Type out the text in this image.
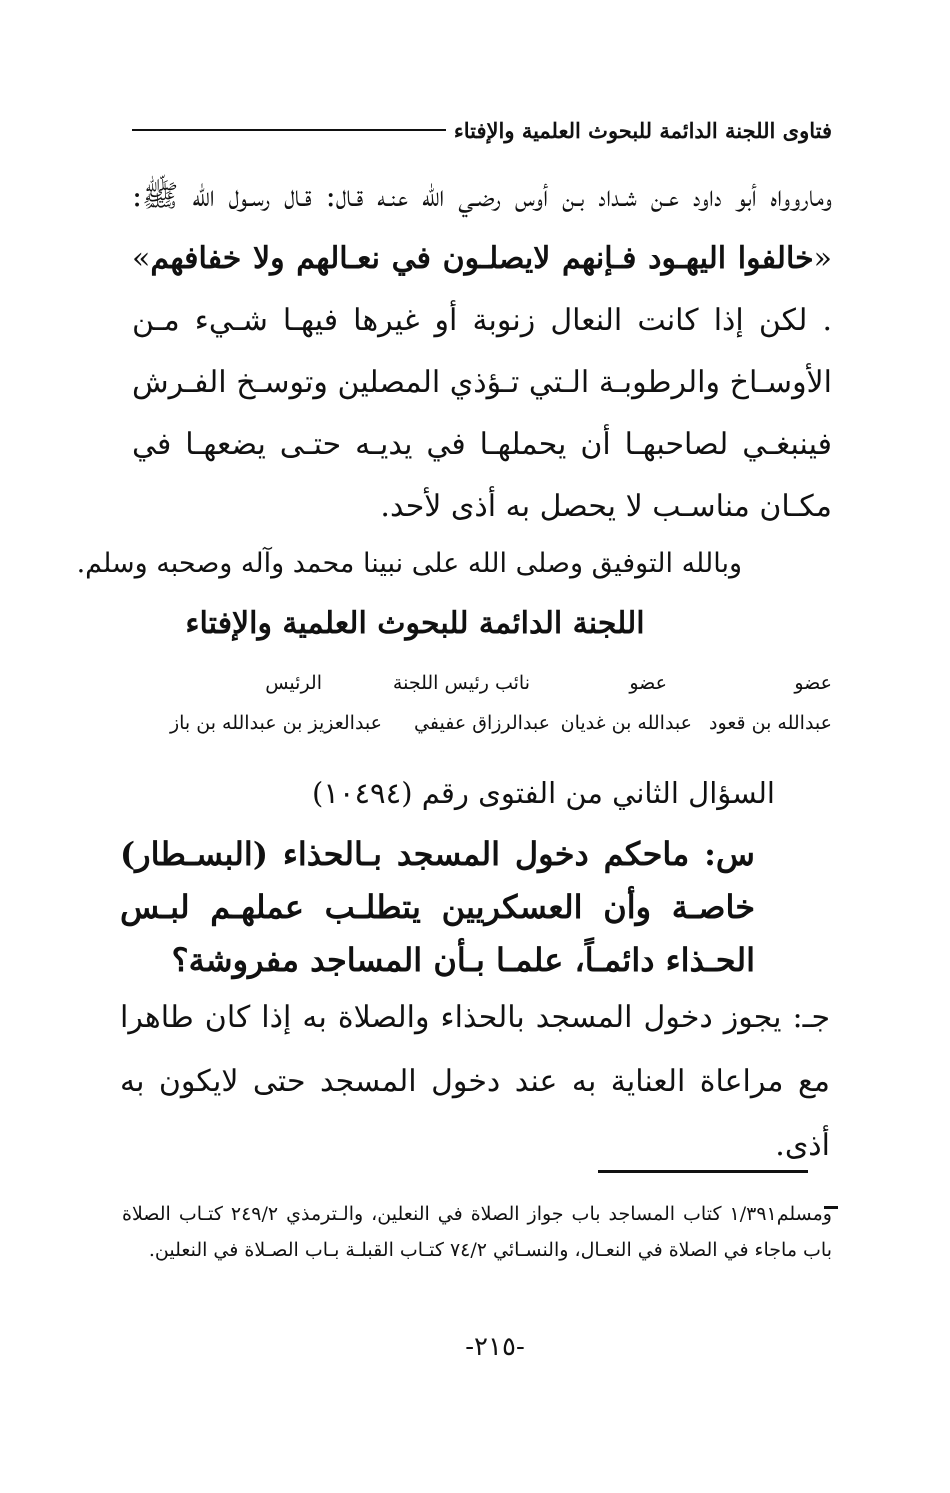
فتاوى اللجنة الدائمة للبحوث العلمية والإفتاء
وماروواه أبو داود عـن شـداد بـن أوس رضـي الله عنـه قـال: قـال رسـول الله ﷺ: «خالفوا اليهـود فـإنهم لايصلـون في نعـالهم ولا خفافهم» . لكن إذا كانت النعال زنوبة أو غيرها فيهـا شـيء مـن الأوسـاخ والرطوبـة الـتي تـؤذي المصلين وتوسـخ الفـرش فينبغـي لصاحبهـا أن يحملهـا في يديـه حتـى يضعهـا في مكـان مناسـب لا يحصل به أذى لأحد.
وبالله التوفيق وصلى الله على نبينا محمد وآله وصحبه وسلم.
اللجنة الدائمة للبحوث العلمية والإفتاء
عضو
عضو
نائب رئيس اللجنة
الرئيس
عبدالله بن قعود
عبدالله بن غديان
عبدالرزاق عفيفي
عبدالعزيز بن عبدالله بن باز
السؤال الثاني من الفتوى رقم (١٠٤٩٤)
س: ماحكم دخول المسجد بـالحذاء (البسـطار) خاصـة وأن العسكريين يتطلـب عملهـم لبـس الحـذاء دائمـاً، علمـا بـأن المساجد مفروشة؟
جـ: يجوز دخول المسجد بالحذاء والصلاة به إذا كان طاهرا مع مراعاة العناية به عند دخول المسجد حتى لايكون به أذى.
ومسلم١/٣٩١ كتاب المساجد باب جواز الصلاة في النعلين، والـترمذي ٢٤٩/٢ كتـاب الصلاة باب ماجاء في الصلاة في النعـال، والنسـائي ٧٤/٢ كتـاب القبلـة بـاب الصـلاة في النعلين.
-٢١٥-
